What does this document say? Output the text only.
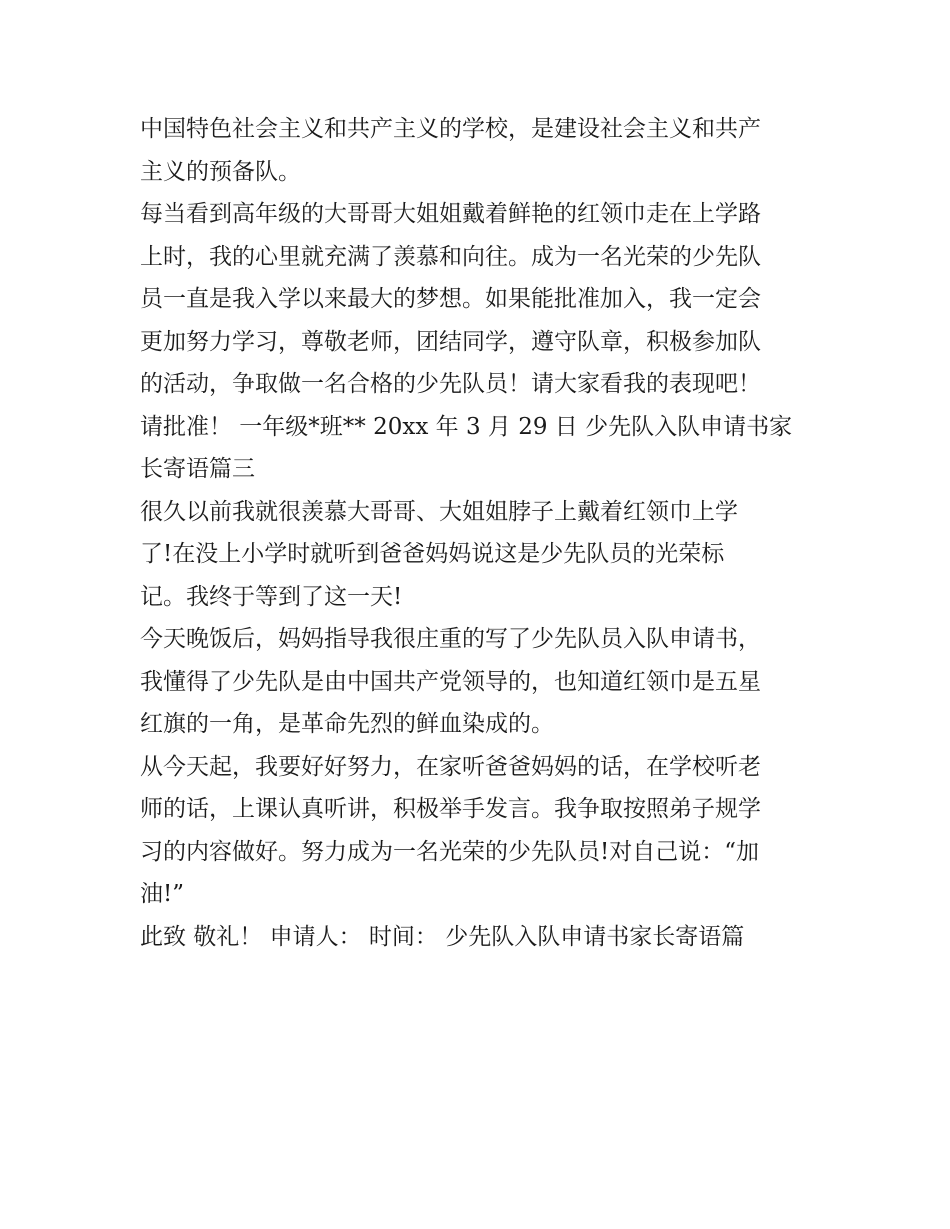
中国特色社会主义和共产主义的学校，是建设社会主义和共产
主义的预备队。
每当看到高年级的大哥哥大姐姐戴着鲜艳的红领巾走在上学路
上时，我的心里就充满了羡慕和向往。成为一名光荣的少先队
员一直是我入学以来最大的梦想。如果能批准加入，我一定会
更加努力学习，尊敬老师，团结同学，遵守队章，积极参加队
的活动，争取做一名合格的少先队员！请大家看我的表现吧！
请批准！ 一年级*班** 20xx 年 3 月 29 日 少先队入队申请书家
长寄语篇三
很久以前我就很羡慕大哥哥、大姐姐脖子上戴着红领巾上学
了!在没上小学时就听到爸爸妈妈说这是少先队员的光荣标
记。我终于等到了这一天!
今天晚饭后，妈妈指导我很庄重的写了少先队员入队申请书，
我懂得了少先队是由中国共产党领导的，也知道红领巾是五星
红旗的一角，是革命先烈的鲜血染成的。
从今天起，我要好好努力，在家听爸爸妈妈的话，在学校听老
师的话，上课认真听讲，积极举手发言。我争取按照弟子规学
习的内容做好。努力成为一名光荣的少先队员!对自己说：“加
油!”
此致 敬礼！ 申请人： 时间： 少先队入队申请书家长寄语篇
